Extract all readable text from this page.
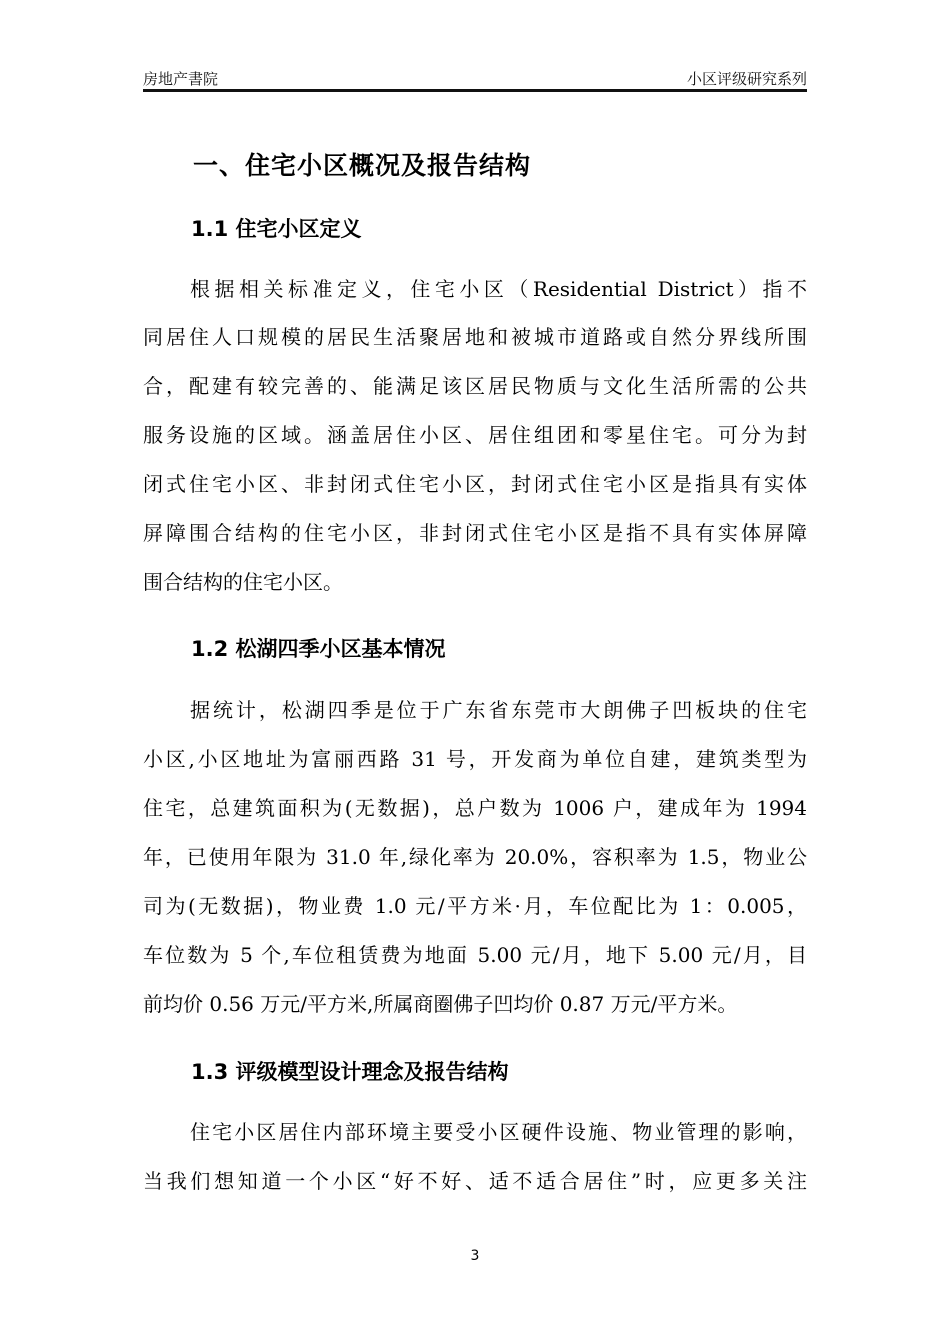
房地产書院	小区评级研究系列
一、住宅小区概况及报告结构
1.1 住宅小区定义
根据相关标准定义，住宅小区（Residential District）指不
同居住人口规模的居民生活聚居地和被城市道路或自然分界线所围
合，配建有较完善的、能满足该区居民物质与文化生活所需的公共
服务设施的区域。涵盖居住小区、居住组团和零星住宅。可分为封
闭式住宅小区、非封闭式住宅小区，封闭式住宅小区是指具有实体
屏障围合结构的住宅小区，非封闭式住宅小区是指不具有实体屏障
围合结构的住宅小区。
1.2 松湖四季小区基本情况
据统计，松湖四季是位于广东省东莞市大朗佛子凹板块的住宅
小区,小区地址为富丽西路 31 号，开发商为单位自建，建筑类型为
住宅，总建筑面积为(无数据)，总户数为 1006 户，建成年为 1994
年，已使用年限为 31.0 年,绿化率为 20.0%，容积率为 1.5，物业公
司为(无数据)，物业费 1.0 元/平方米·月，车位配比为 1：0.005，
车位数为 5 个,车位租赁费为地面 5.00 元/月，地下 5.00 元/月，目
前均价 0.56 万元/平方米,所属商圈佛子凹均价 0.87 万元/平方米。
1.3 评级模型设计理念及报告结构
住宅小区居住内部环境主要受小区硬件设施、物业管理的影响，
当我们想知道一个小区“好不好、适不适合居住”时，应更多关注
3
